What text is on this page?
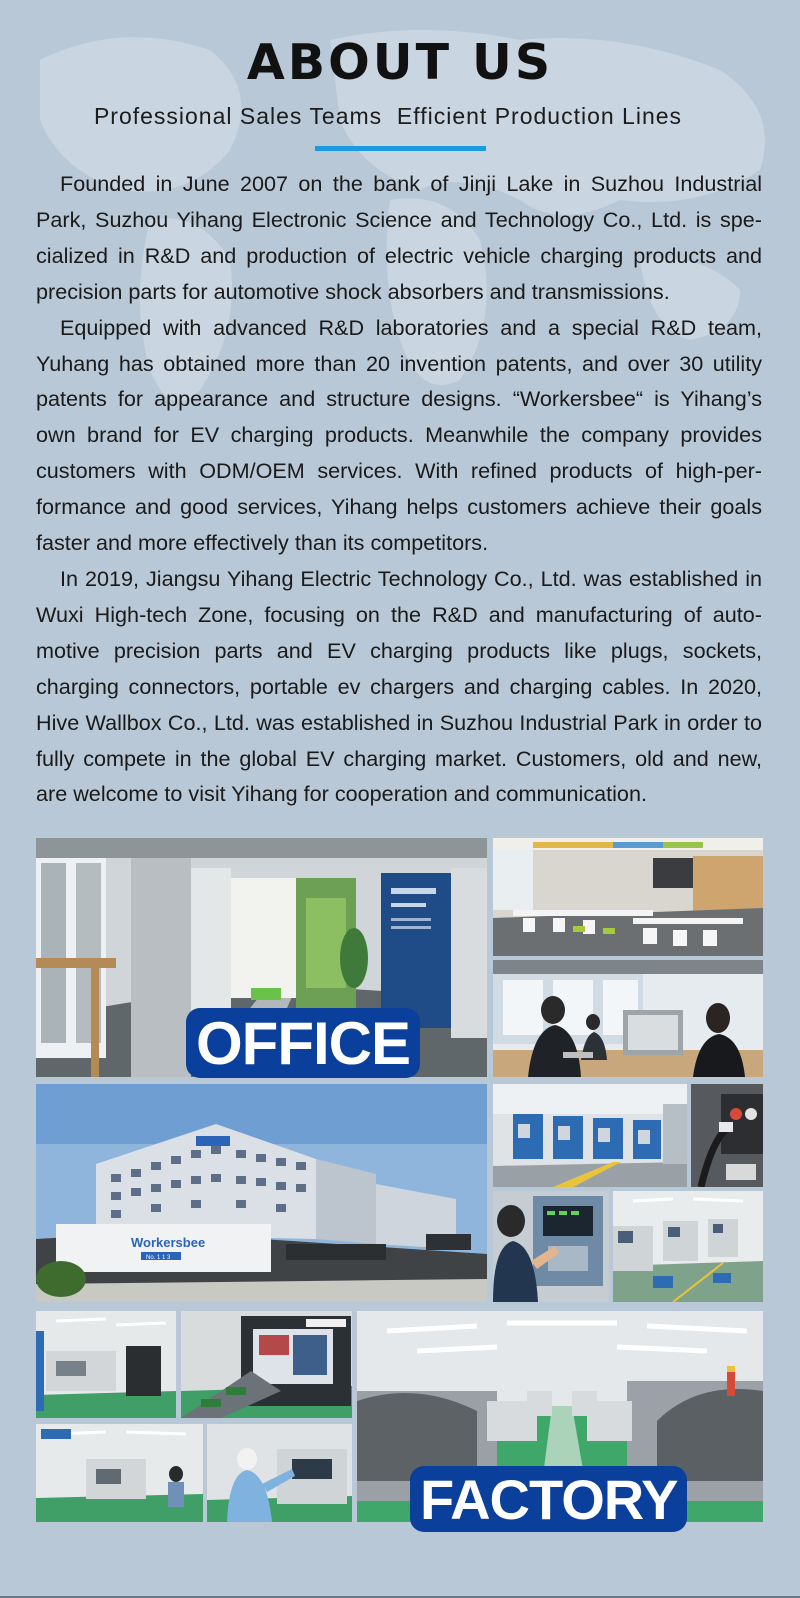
ABOUT US
Professional Sales Teams  Efficient Production Lines

Founded in June 2007 on the bank of Jinji Lake in Suzhou Industrial Park, Suzhou Yihang Electronic Science and Technology Co., Ltd. is spe-cialized in R&D and production of electric vehicle charging products and precision parts for automotive shock absorbers and transmissions.

Equipped with advanced R&D laboratories and a special R&D team, Yuhang has obtained more than 20 invention patents, and over 30 utility patents for appearance and structure designs. “Workersbee“ is Yihang’s own brand for EV charging products. Meanwhile the company provides customers with ODM/OEM services. With refined products of high-per-formance and good services, Yihang helps customers achieve their goals faster and more effectively than its competitors.

In 2019, Jiangsu Yihang Electric Technology Co., Ltd. was established in Wuxi High-tech Zone, focusing on the R&D and manufacturing of auto-motive precision parts and EV charging products like plugs, sockets, charging connectors, portable ev chargers and charging cables. In 2020, Hive Wallbox Co., Ltd. was established in Suzhou Industrial Park in order to fully compete in the global EV charging market. Customers, old and new, are welcome to visit Yihang for cooperation and communication.

OFFICE
Workersbee
No. 1 1 3
FACTORY
